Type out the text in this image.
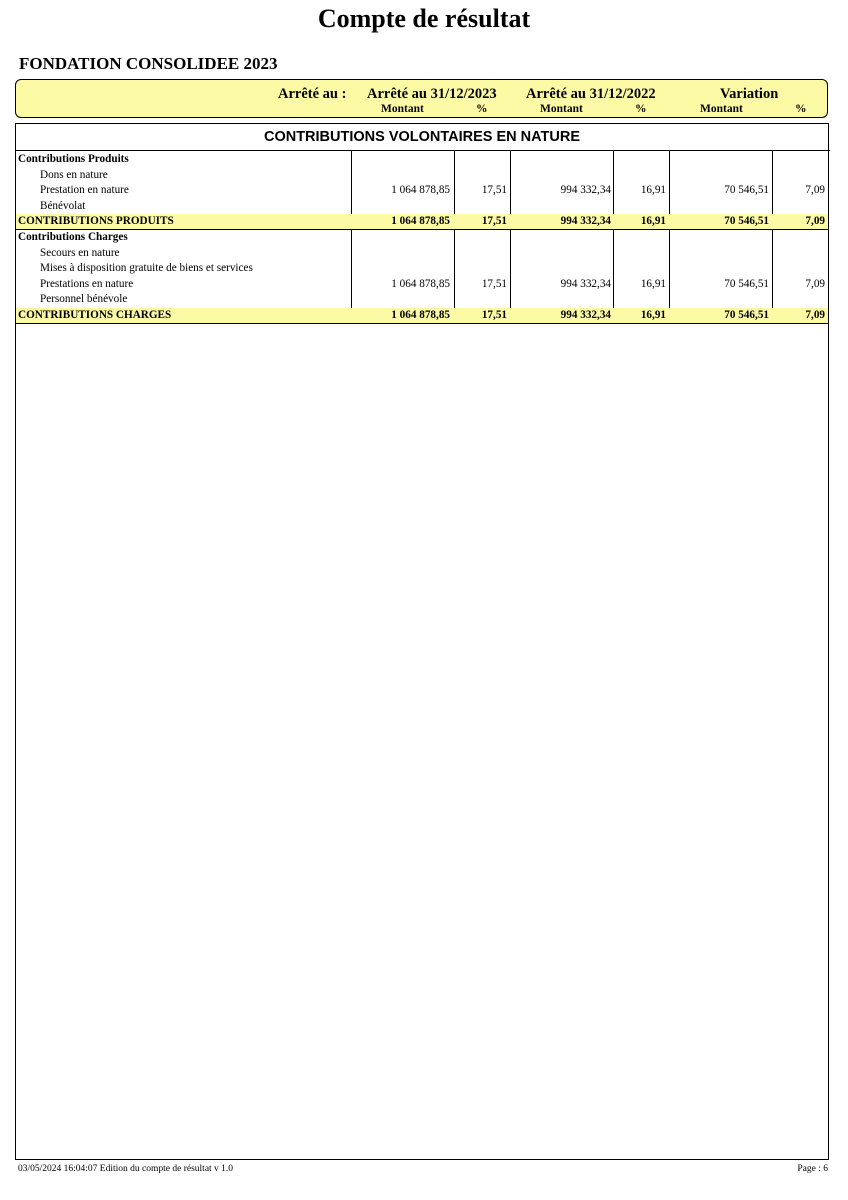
Compte de résultat
FONDATION CONSOLIDEE 2023
Arrêté au : Arrêté au 31/12/2023 Arrêté au 31/12/2022	Variation
Montant	%	Montant	%	Montant	%
CONTRIBUTIONS VOLONTAIRES EN NATURE
Contributions Produits
Dons en nature
Prestation en nature	1 064 878,85	17,51	994 332,34	16,91	70 546,51	7,09
Bénévolat
CONTRIBUTIONS PRODUITS	1 064 878,85	17,51	994 332,34	16,91	70 546,51	7,09
Contributions Charges
Secours en nature
Mises à disposition gratuite de biens et services
Prestations en nature	1 064 878,85	17,51	994 332,34	16,91	70 546,51	7,09
Personnel bénévole
CONTRIBUTIONS CHARGES	1 064 878,85	17,51	994 332,34	16,91	70 546,51	7,09
03/05/2024 16:04:07 Edition du compte de résultat v 1.0	Page : 6
